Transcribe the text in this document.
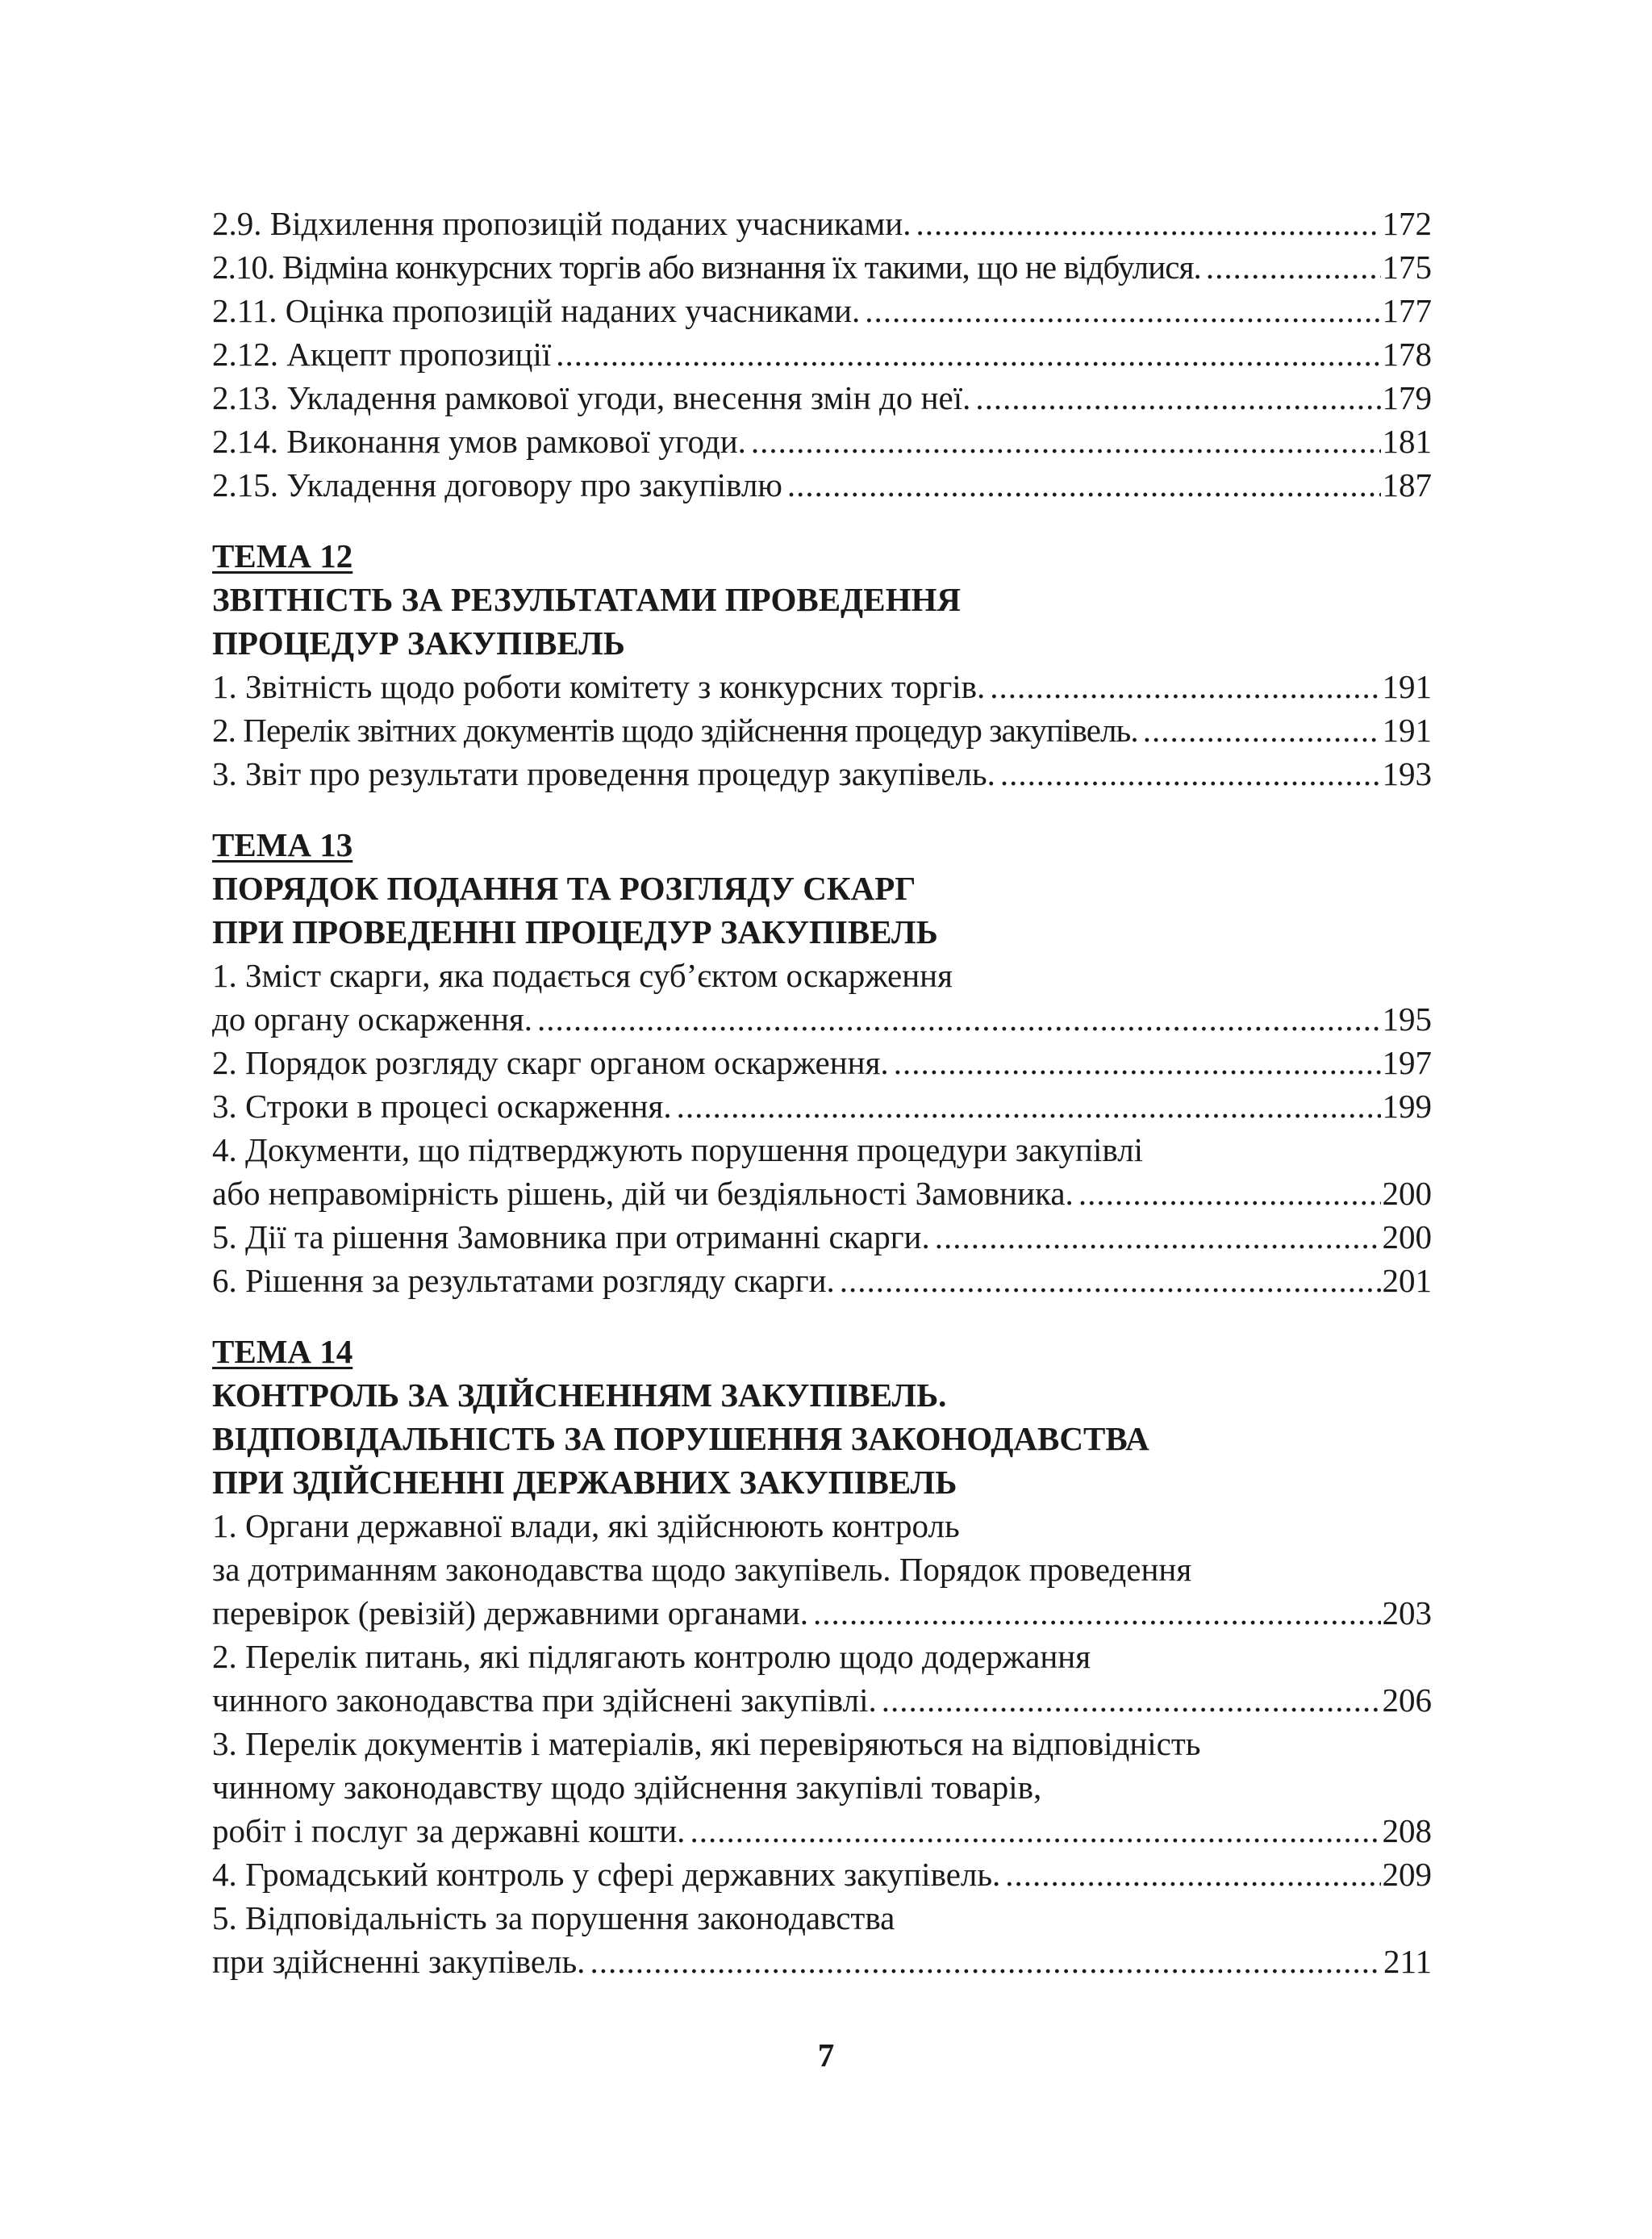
2.9. Відхилення пропозицій поданих учасниками. .....	172
2.10. Відміна конкурсних торгів або визнання їх такими, що не відбулися. .....	175
2.11. Оцінка пропозицій наданих учасниками. .....	177
2.12. Акцепт пропозиції .....	178
2.13. Укладення рамкової угоди, внесення змін до неї. .....	179
2.14. Виконання умов рамкової угоди. .....	181
2.15. Укладення договору про закупівлю .....	187
ТЕМА 12
ЗВІТНІСТЬ ЗА РЕЗУЛЬТАТАМИ ПРОВЕДЕННЯ
ПРОЦЕДУР ЗАКУПІВЕЛЬ
1. Звітність щодо роботи комітету з конкурсних торгів. .....	191
2. Перелік звітних документів щодо здійснення процедур закупівель. .....	191
3. Звіт про результати проведення процедур закупівель. .....	193
ТЕМА 13
ПОРЯДОК ПОДАННЯ ТА РОЗГЛЯДУ СКАРГ
ПРИ ПРОВЕДЕННІ ПРОЦЕДУР ЗАКУПІВЕЛЬ
1. Зміст скарги, яка подається суб’єктом оскарження
до органу оскарження. .....	195
2. Порядок розгляду скарг органом оскарження. .....	197
3. Строки в процесі оскарження. .....	199
4. Документи, що підтверджують порушення процедури закупівлі
або неправомірність рішень, дій чи бездіяльності Замовника. .....	200
5. Дії та рішення Замовника при отриманні скарги. .....	200
6. Рішення за результатами розгляду скарги. .....	201
ТЕМА 14
КОНТРОЛЬ ЗА ЗДІЙСНЕННЯМ ЗАКУПІВЕЛЬ.
ВІДПОВІДАЛЬНІСТЬ ЗА ПОРУШЕННЯ ЗАКОНОДАВСТВА
ПРИ ЗДІЙСНЕННІ ДЕРЖАВНИХ ЗАКУПІВЕЛЬ
1. Органи державної влади, які здійснюють контроль
за дотриманням законодавства щодо закупівель. Порядок проведення
перевірок (ревізій) державними органами. .....	203
2. Перелік питань, які підлягають контролю щодо додержання
чинного законодавства при здійснені закупівлі. .....	206
3. Перелік документів і матеріалів, які перевіряються на відповідність
чинному законодавству щодо здійснення закупівлі товарів,
робіт і послуг за державні кошти. .....	208
4. Громадський контроль у сфері державних закупівель. .....	209
5. Відповідальність за порушення законодавства
при здійсненні закупівель. .....	211
7
